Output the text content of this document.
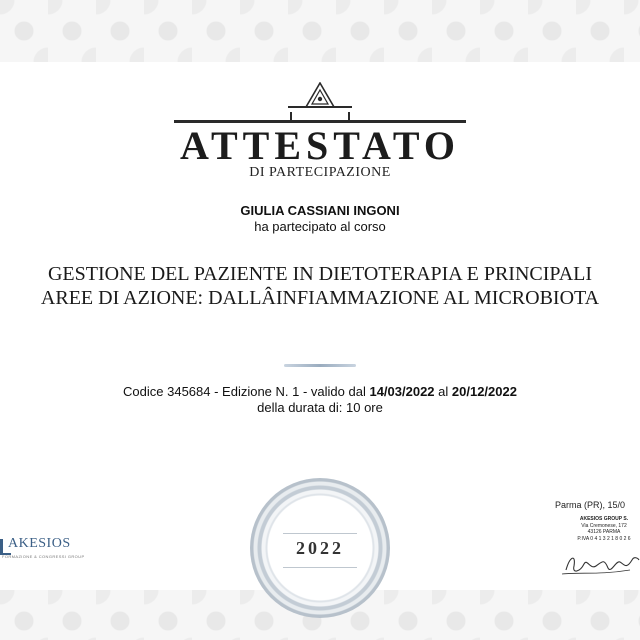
ATTESTATO
DI PARTECIPAZIONE
GIULIA CASSIANI INGONI
ha partecipato al corso
GESTIONE DEL PAZIENTE IN DIETOTERAPIA E PRINCIPALI
AREE DI AZIONE: DALLÂINFIAMMAZIONE AL MICROBIOTA
Codice 345684 - Edizione N. 1 - valido dal 14/03/2022 al 20/12/2022
della durata di: 10 ore
2022
AKESIOS
FORMAZIONE & CONGRESSI GROUP
Parma (PR), 15/0
AKESIOS GROUP S.
Via Cremonese, 172
43126 PARMA
P.IVA 0 4 1 3 2 1 8 0 2 6
